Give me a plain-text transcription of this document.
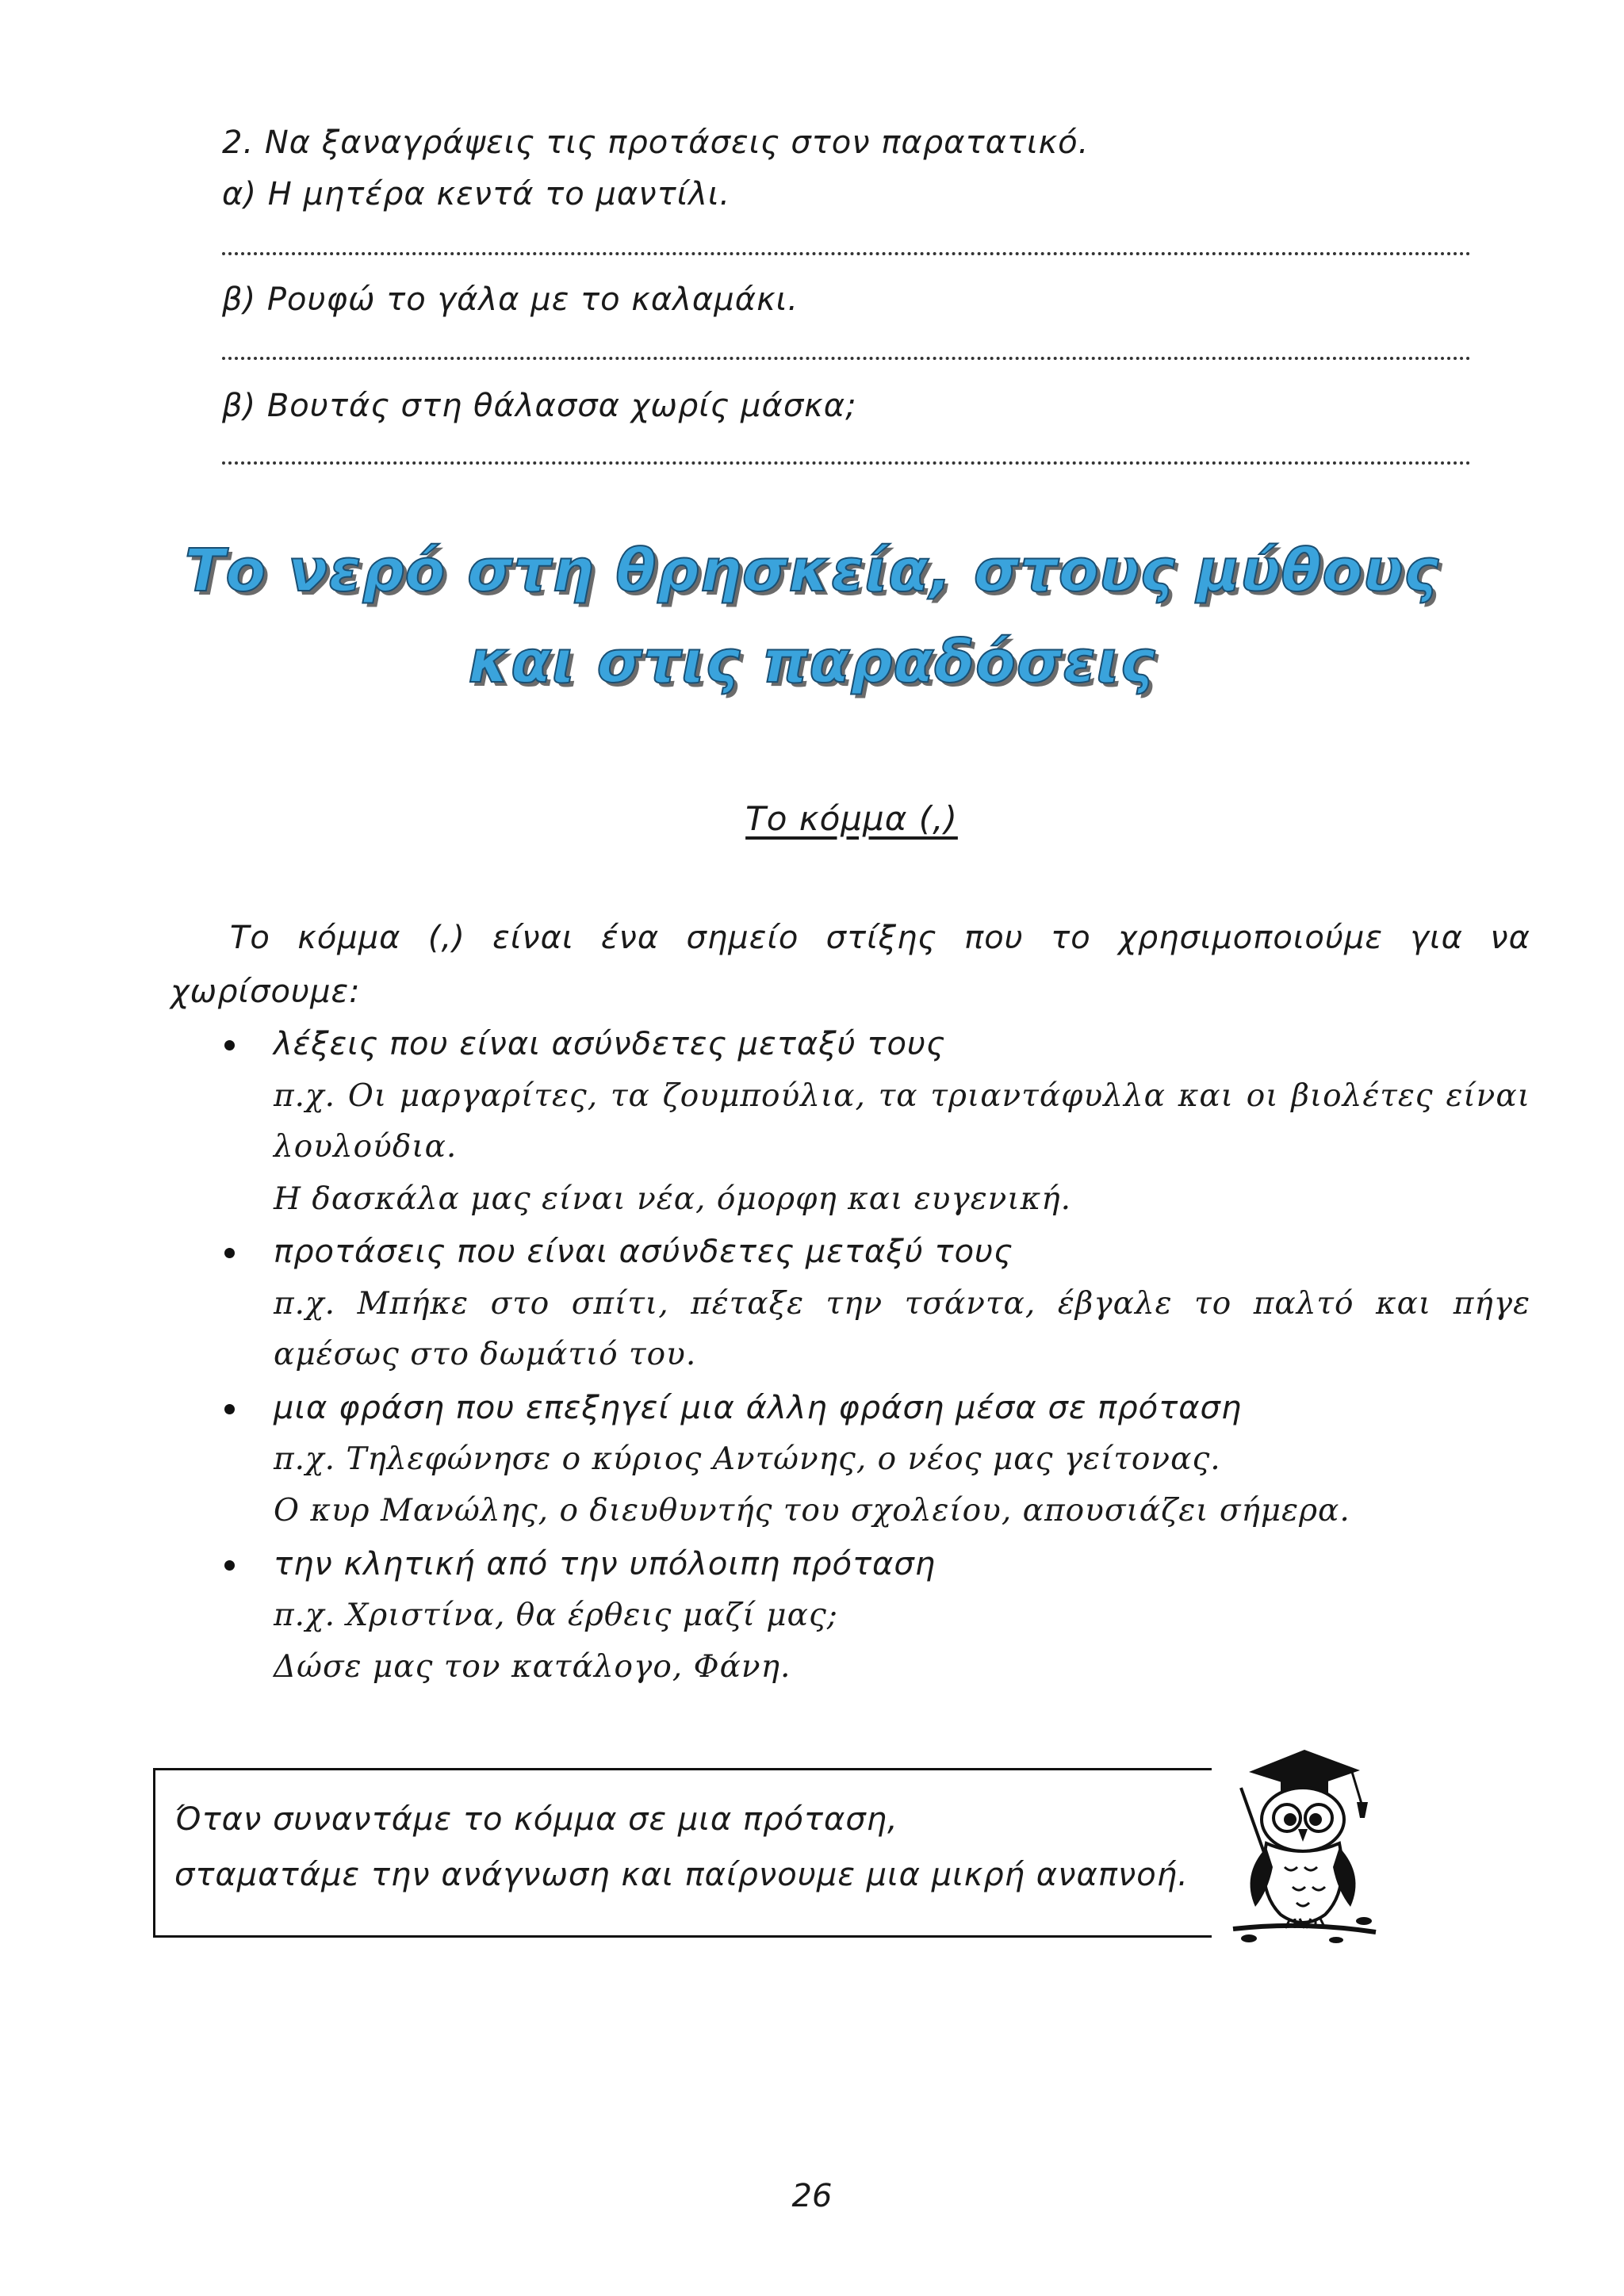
2. Να ξαναγράψεις τις προτάσεις στον παρατατικό.
α) Η μητέρα κεντά το μαντίλι.
β) Ρουφώ το γάλα με το καλαμάκι.
β) Βουτάς στη θάλασσα χωρίς μάσκα;
Το νερό στη θρησκεία, στους μύθους
και στις παραδόσεις
Το κόμμα (,)
Το κόμμα (,) είναι ένα σημείο στίξης που το χρησιμοποιούμε για να
χωρίσουμε:
λέξεις που είναι ασύνδετες μεταξύ τους
π.χ. Οι μαργαρίτες, τα ζουμπούλια, τα τριαντάφυλλα και οι βιολέτες είναι
λουλούδια.
Η δασκάλα μας είναι νέα, όμορφη και ευγενική.
προτάσεις που είναι ασύνδετες μεταξύ τους
π.χ. Μπήκε στο σπίτι, πέταξε την τσάντα, έβγαλε το παλτό και πήγε
αμέσως στο δωμάτιό του.
μια φράση που επεξηγεί μια άλλη φράση μέσα σε πρόταση
π.χ. Τηλεφώνησε ο κύριος Αντώνης, ο νέος μας γείτονας.
Ο κυρ Μανώλης, ο διευθυντής του σχολείου, απουσιάζει σήμερα.
την κλητική από την υπόλοιπη πρόταση
π.χ. Χριστίνα, θα έρθεις μαζί μας;
Δώσε μας τον κατάλογο, Φάνη.
Όταν συναντάμε το κόμμα σε μια πρόταση,
σταματάμε την ανάγνωση και παίρνουμε μια μικρή αναπνοή.
26
